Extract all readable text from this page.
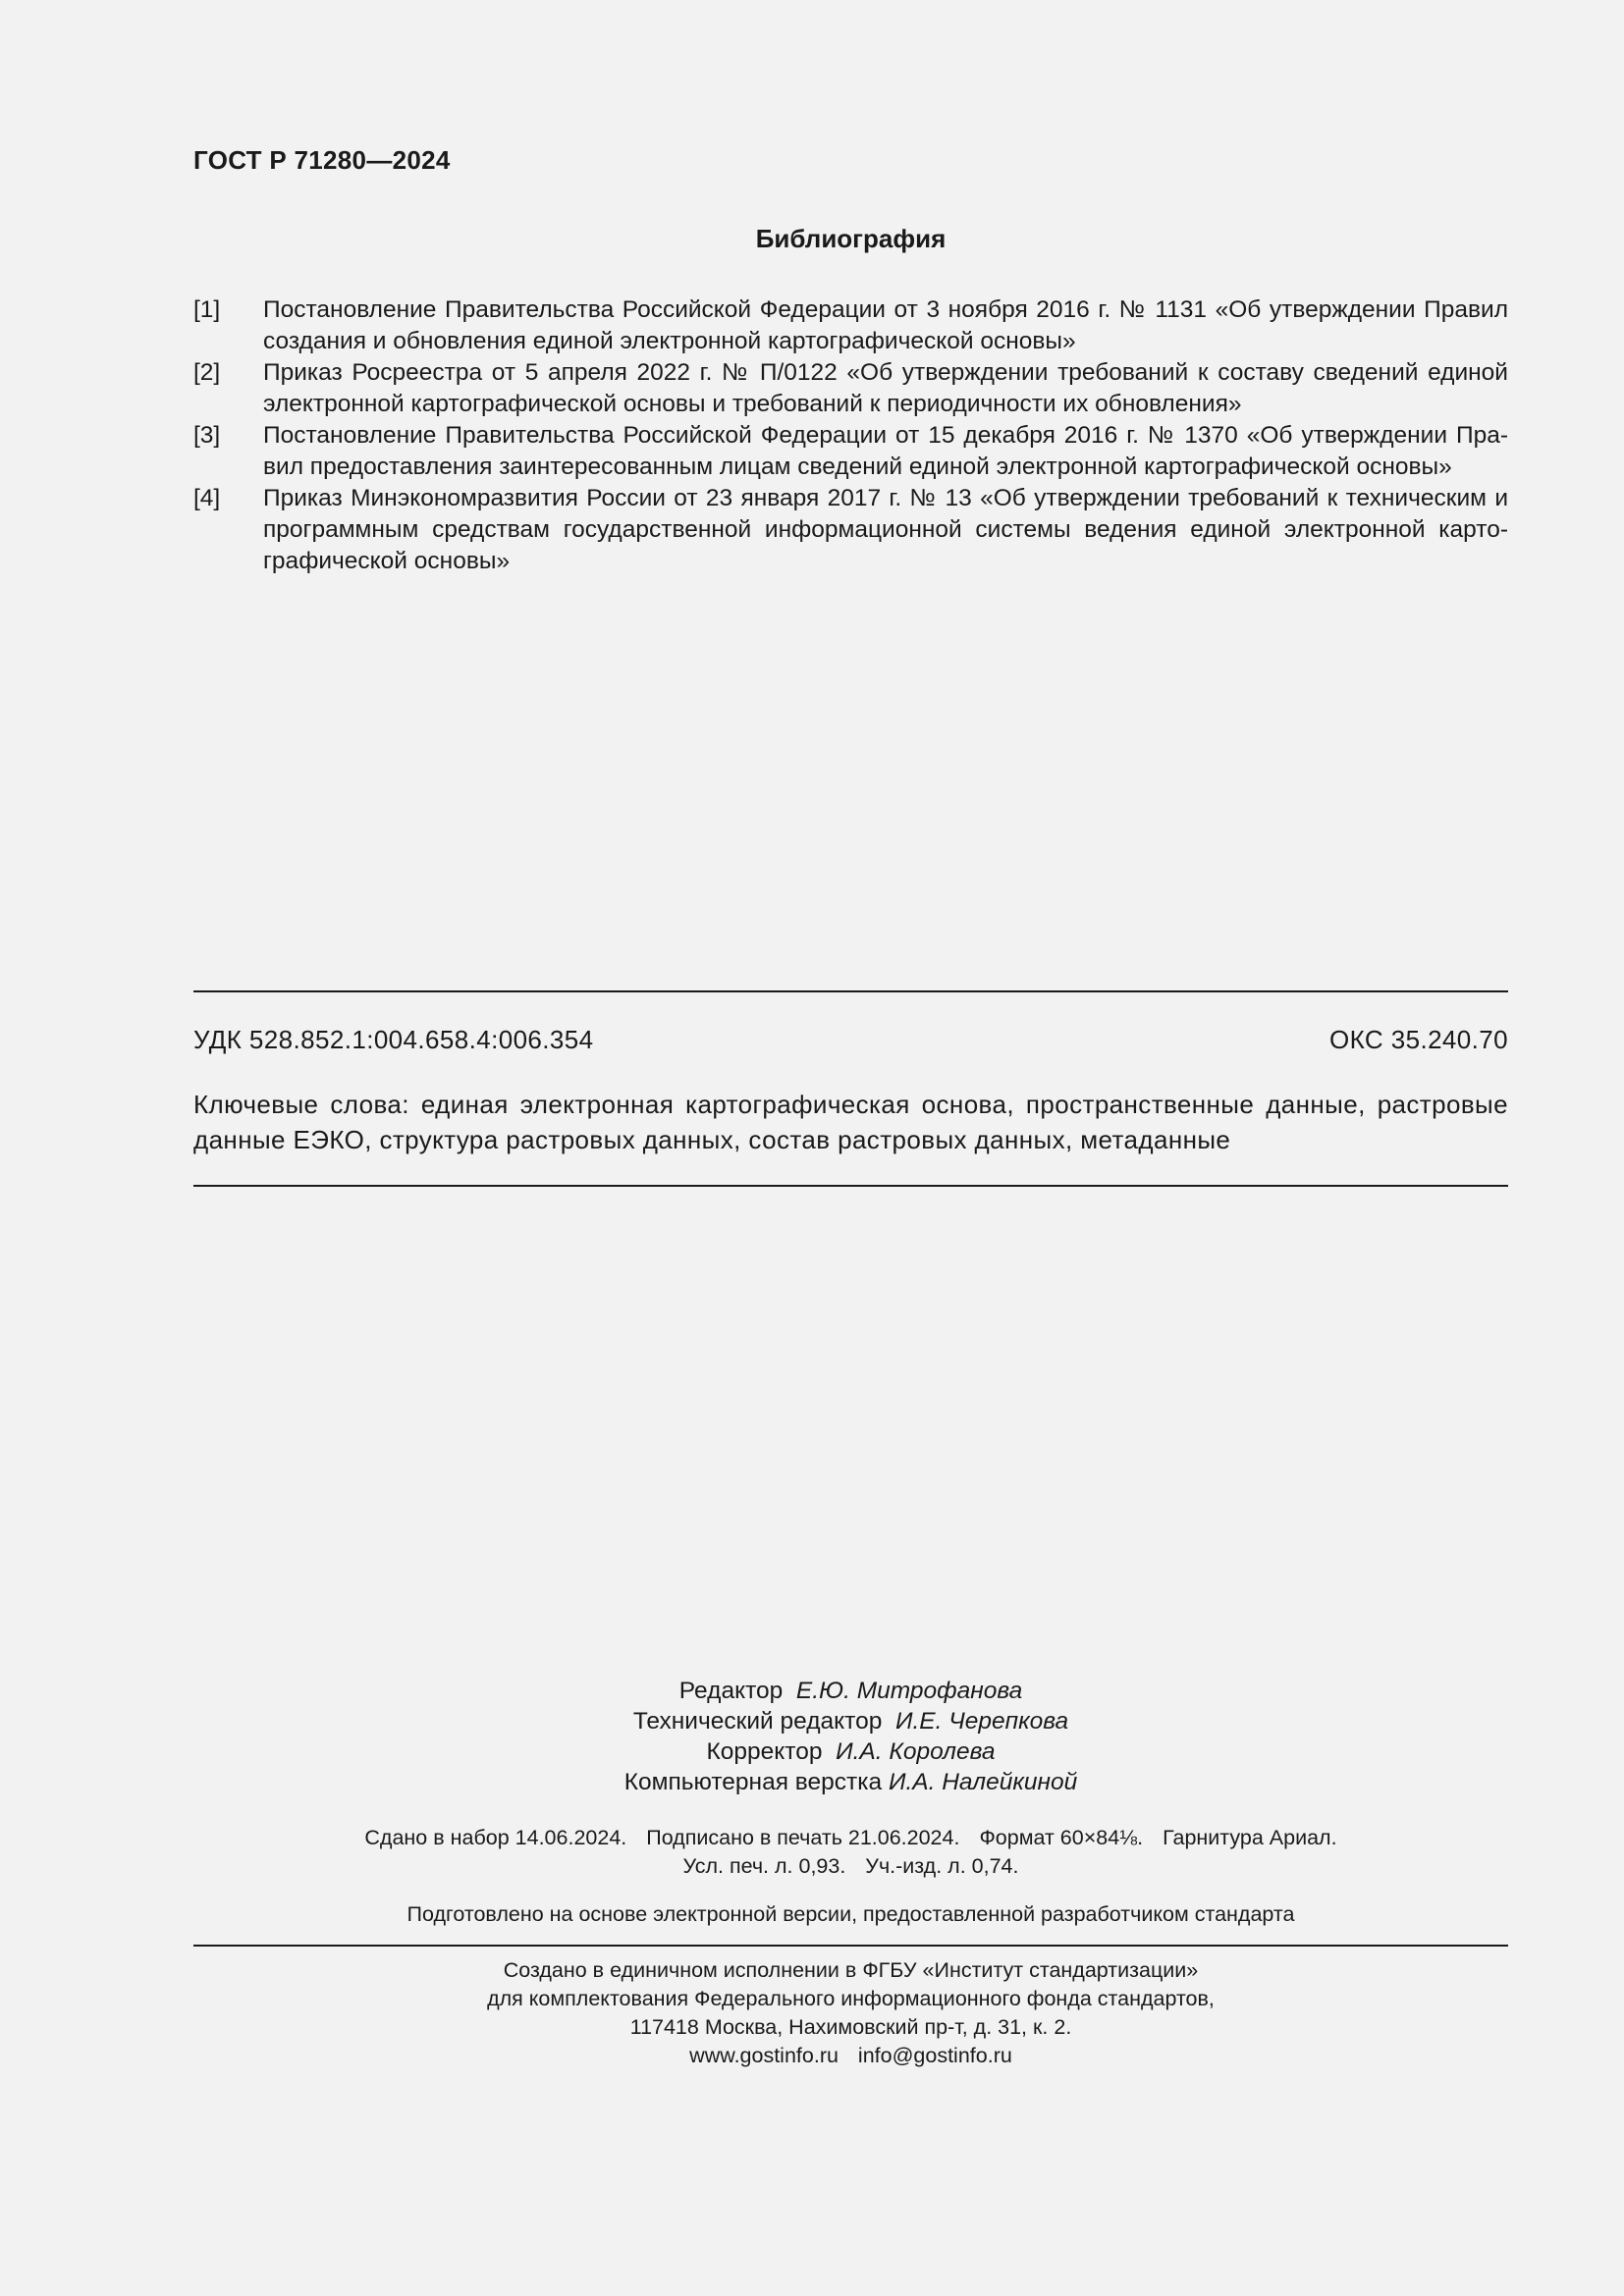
ГОСТ Р 71280—2024
Библиография
[1]	Постановление Правительства Российской Федерации от 3 ноября 2016 г. № 1131 «Об утверждении Правил создания и обновления единой электронной картографической основы»
[2]	Приказ Росреестра от 5 апреля 2022 г. № П/0122 «Об утверждении требований к составу сведений единой электронной картографической основы и требований к периодичности их обновления»
[3]	Постановление Правительства Российской Федерации от 15 декабря 2016 г. № 1370 «Об утверждении Правил предоставления заинтересованным лицам сведений единой электронной картографической основы»
[4]	Приказ Минэкономразвития России от 23 января 2017 г. № 13 «Об утверждении требований к техническим и программным средствам государственной информационной системы ведения единой электронной картографической основы»
УДК 528.852.1:004.658.4:006.354	ОКС 35.240.70
Ключевые слова: единая электронная картографическая основа, пространственные данные, растровые данные ЕЭКО, структура растровых данных, состав растровых данных, метаданные
Редактор Е.Ю. Митрофанова
Технический редактор И.Е. Черепкова
Корректор И.А. Королева
Компьютерная верстка И.А. Налейкиной
Сдано в набор 14.06.2024. Подписано в печать 21.06.2024. Формат 60×84⅛. Гарнитура Ариал.
Усл. печ. л. 0,93. Уч.-изд. л. 0,74.
Подготовлено на основе электронной версии, предоставленной разработчиком стандарта
Создано в единичном исполнении в ФГБУ «Институт стандартизации»
для комплектования Федерального информационного фонда стандартов,
117418 Москва, Нахимовский пр-т, д. 31, к. 2.
www.gostinfo.ru info@gostinfo.ru
